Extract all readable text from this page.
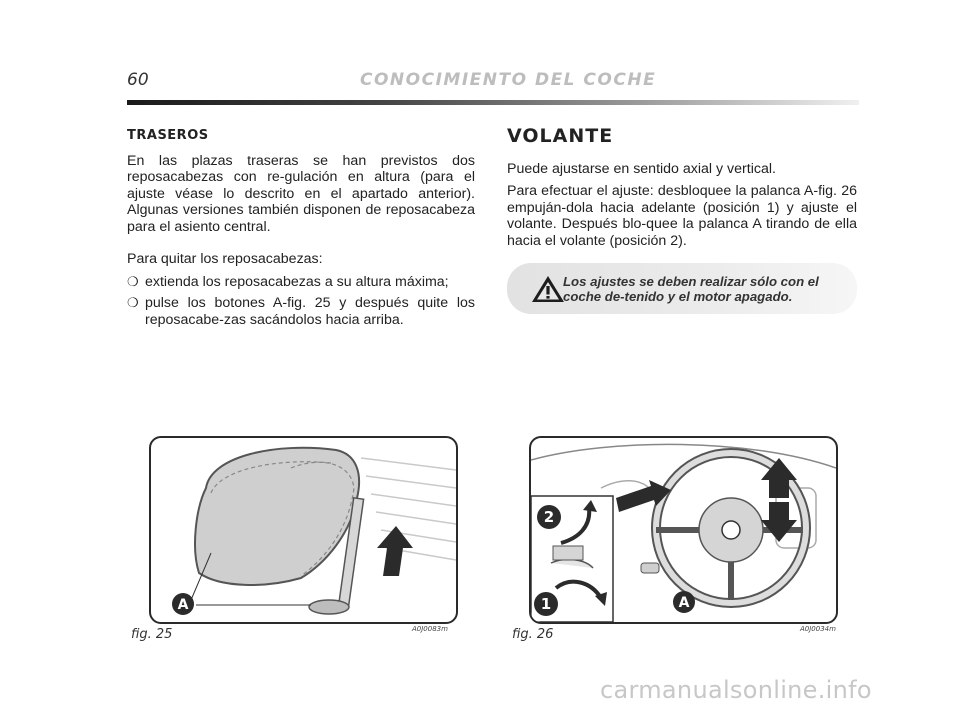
60	CONOCIMIENTO DEL COCHE
TRASEROS

En las plazas traseras se han previstos dos reposacabezas con re-gulación en altura (para el ajuste véase lo descrito en el apartado anterior). Algunas versiones también disponen de reposacabeza para el asiento central.

Para quitar los reposacabezas:

❍ extienda los reposacabezas a su altura máxima;
❍ pulse los botones A-fig. 25 y después quite los reposacabe-zas sacándolos hacia arriba.
VOLANTE

Puede ajustarse en sentido axial y vertical.

Para efectuar el ajuste: desbloquee la palanca A-fig. 26 empuján-dola hacia adelante (posición 1) y ajuste el volante. Después blo-quee la palanca A tirando de ella hacia el volante (posición 2).

Los ajustes se deben realizar sólo con el coche de-tenido y el motor apagado.
A
2
1	A
fig. 25	A0J0083m	fig. 26	A0J0034m
carmanualsonline.info
